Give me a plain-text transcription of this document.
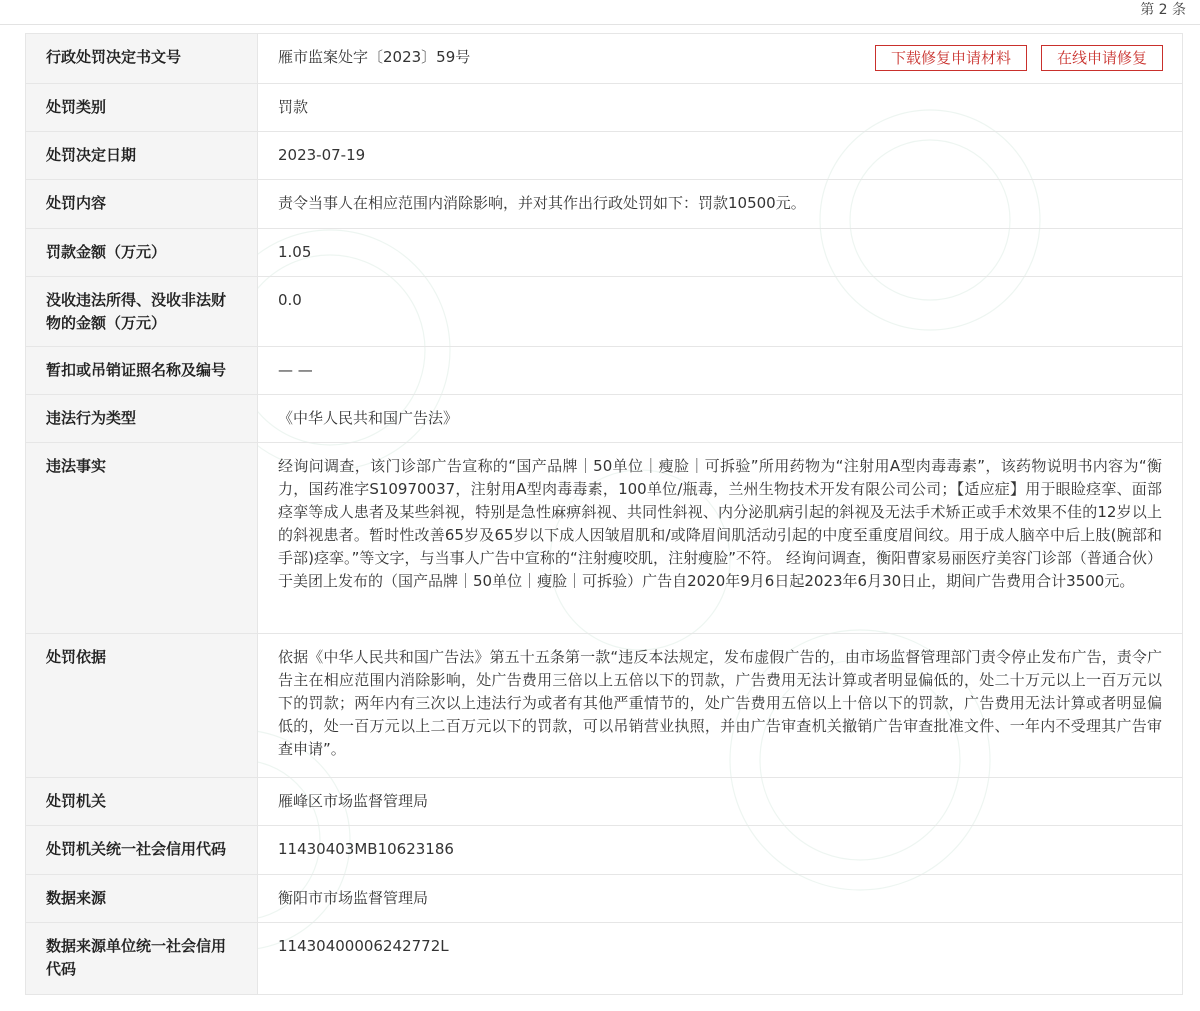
第 2 条
行政处罚决定书文号	雁市监案处字〔2023〕59号 下载修复申请材料 在线申请修复

处罚类别	罚款
处罚决定日期	2023-07-19
处罚内容	责令当事人在相应范围内消除影响，并对其作出行政处罚如下：罚款10500元。
罚款金额（万元）	1.05
没收违法所得、没收非法财物的金额（万元）	0.0
暂扣或吊销证照名称及编号	— —
违法行为类型	《中华人民共和国广告法》
违法事实	经询问调查，该门诊部广告宣称的“国产品牌｜50单位｜瘦脸｜可拆验”所用药物为“注射用A型肉毒毒素”，该药物说明书内容为“衡力，国药准字S10970037，注射用A型肉毒毒素，100单位/瓶毒，兰州生物技术开发有限公司公司；【适应症】用于眼睑痉挛、面部痉挛等成人患者及某些斜视，特别是急性麻痹斜视、共同性斜视、内分泌肌病引起的斜视及无法手术矫正或手术效果不佳的12岁以上的斜视患者。暂时性改善65岁及65岁以下成人因皱眉肌和/或降眉间肌活动引起的中度至重度眉间纹。用于成人脑卒中后上肢(腕部和手部)痉挛。”等文字，与当事人广告中宣称的“注射瘦咬肌，注射瘦脸”不符。 经询问调查，衡阳曹家易丽医疗美容门诊部（普通合伙）于美团上发布的（国产品牌｜50单位｜瘦脸｜可拆验）广告自2020年9月6日起2023年6月30日止，期间广告费用合计3500元。
处罚依据	依据《中华人民共和国广告法》第五十五条第一款“违反本法规定，发布虚假广告的，由市场监督管理部门责令停止发布广告，责令广告主在相应范围内消除影响，处广告费用三倍以上五倍以下的罚款，广告费用无法计算或者明显偏低的，处二十万元以上一百万元以下的罚款；两年内有三次以上违法行为或者有其他严重情节的，处广告费用五倍以上十倍以下的罚款，广告费用无法计算或者明显偏低的，处一百万元以上二百万元以下的罚款，可以吊销营业执照，并由广告审查机关撤销广告审查批准文件、一年内不受理其广告审查申请”。
处罚机关	雁峰区市场监督管理局
处罚机关统一社会信用代码	11430403MB10623186
数据来源	衡阳市市场监督管理局
数据来源单位统一社会信用代码	11430400006242772L
